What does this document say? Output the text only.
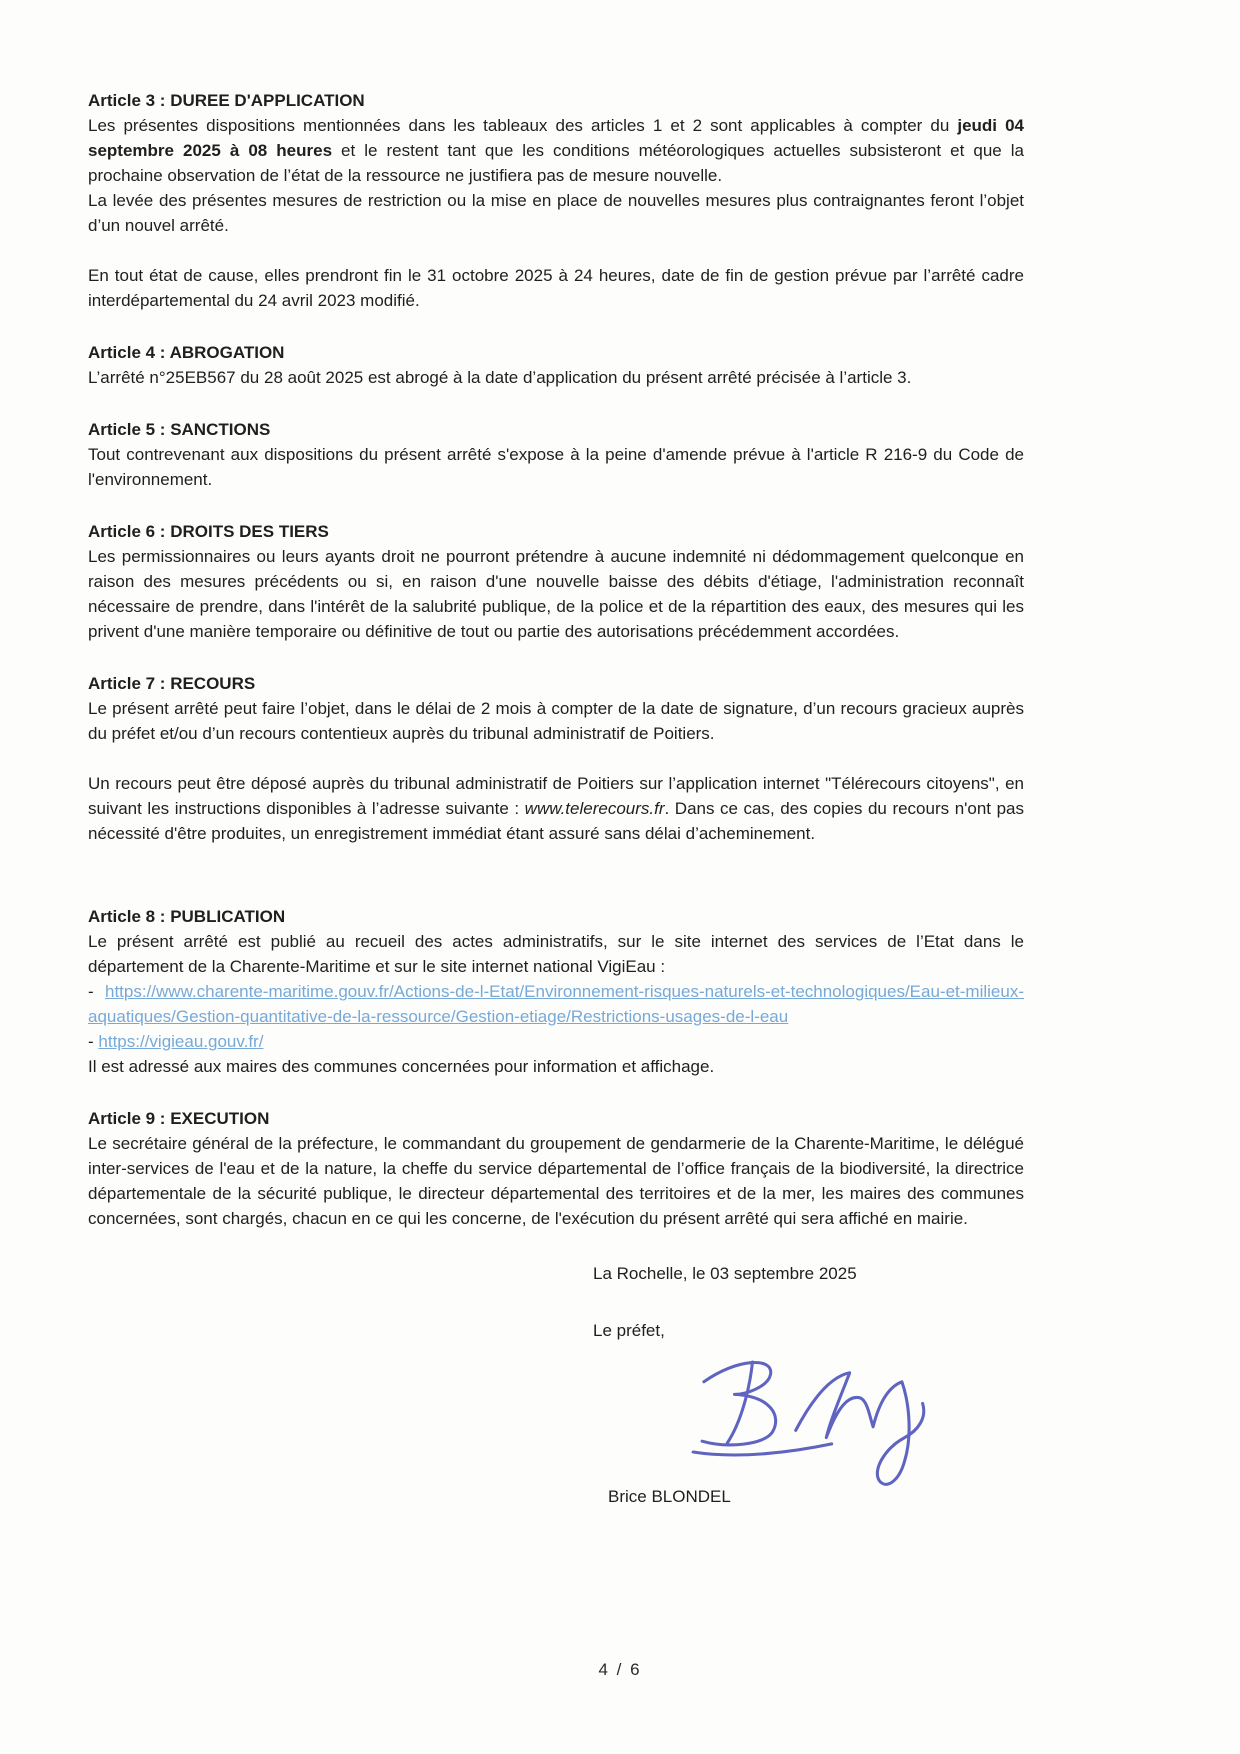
Article 3 : DUREE D'APPLICATION

Les présentes dispositions mentionnées dans les tableaux des articles 1 et 2 sont applicables à compter du jeudi 04 septembre 2025 à 08 heures et le restent tant que les conditions météorologiques actuelles subsisteront et que la prochaine observation de l’état de la ressource ne justifiera pas de mesure nouvelle.

La levée des présentes mesures de restriction ou la mise en place de nouvelles mesures plus contraignantes feront l’objet d’un nouvel arrêté.

En tout état de cause, elles prendront fin le 31 octobre 2025 à 24 heures, date de fin de gestion prévue par l’arrêté cadre interdépartemental du 24 avril 2023 modifié.

Article 4 : ABROGATION

L’arrêté n°25EB567 du 28 août 2025 est abrogé à la date d’application du présent arrêté précisée à l’article 3.

Article 5 : SANCTIONS

Tout contrevenant aux dispositions du présent arrêté s'expose à la peine d'amende prévue à l'article R 216-9 du Code de l'environnement.

Article 6 : DROITS DES TIERS

Les permissionnaires ou leurs ayants droit ne pourront prétendre à aucune indemnité ni dédommagement quelconque en raison des mesures précédents ou si, en raison d'une nouvelle baisse des débits d'étiage, l'administration reconnaît nécessaire de prendre, dans l'intérêt de la salubrité publique, de la police et de la répartition des eaux, des mesures qui les privent d'une manière temporaire ou définitive de tout ou partie des autorisations précédemment accordées.

Article 7 : RECOURS

Le présent arrêté peut faire l’objet, dans le délai de 2 mois à compter de la date de signature, d’un recours gracieux auprès du préfet et/ou d’un recours contentieux auprès du tribunal administratif de Poitiers.

Un recours peut être déposé auprès du tribunal administratif de Poitiers sur l’application internet "Télérecours citoyens", en suivant les instructions disponibles à l’adresse suivante : www.telerecours.fr. Dans ce cas, des copies du recours n'ont pas nécessité d'être produites, un enregistrement immédiat étant assuré sans délai d’acheminement.

Article 8 : PUBLICATION

Le présent arrêté est publié au recueil des actes administratifs, sur le site internet des services de l’Etat dans le département de la Charente-Maritime et sur le site internet national VigiEau :

- https://www.charente-maritime.gouv.fr/Actions-de-l-Etat/Environnement-risques-naturels-et-technologiques/Eau-et-milieux-aquatiques/Gestion-quantitative-de-la-ressource/Gestion-etiage/Restrictions-usages-de-l-eau

- https://vigieau.gouv.fr/

Il est adressé aux maires des communes concernées pour information et affichage.

Article 9 : EXECUTION

Le secrétaire général de la préfecture, le commandant du groupement de gendarmerie de la Charente-Maritime, le délégué inter-services de l'eau et de la nature, la cheffe du service départemental de l’office français de la biodiversité, la directrice départementale de la sécurité publique, le directeur départemental des territoires et de la mer, les maires des communes concernées, sont chargés, chacun en ce qui les concerne, de l'exécution du présent arrêté qui sera affiché en mairie.

La Rochelle, le 03 septembre 2025
Le préfet,
Brice BLONDEL
4 / 6
